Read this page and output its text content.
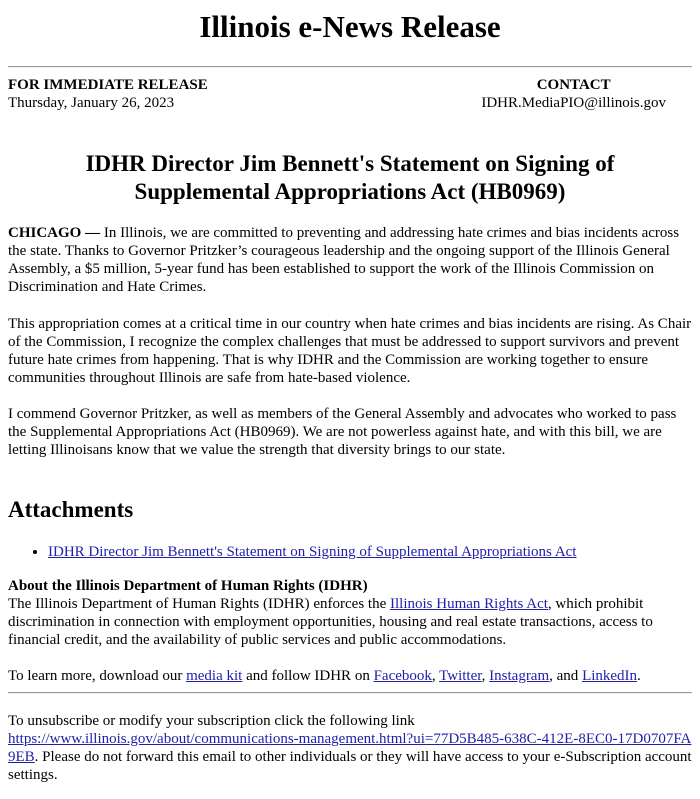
Illinois e-News Release
FOR IMMEDIATE RELEASE
Thursday, January 26, 2023
CONTACT
IDHR.MediaPIO@illinois.gov
IDHR Director Jim Bennett's Statement on Signing of
Supplemental Appropriations Act (HB0969)

CHICAGO — In Illinois, we are committed to preventing and addressing hate crimes and bias incidents across the state. Thanks to Governor Pritzker’s courageous leadership and the ongoing support of the Illinois General Assembly, a $5 million, 5-year fund has been established to support the work of the Illinois Commission on Discrimination and Hate Crimes.

This appropriation comes at a critical time in our country when hate crimes and bias incidents are rising. As Chair of the Commission, I recognize the complex challenges that must be addressed to support survivors and prevent future hate crimes from happening. That is why IDHR and the Commission are working together to ensure communities throughout Illinois are safe from hate-based violence.

I commend Governor Pritzker, as well as members of the General Assembly and advocates who worked to pass the Supplemental Appropriations Act (HB0969). We are not powerless against hate, and with this bill, we are letting Illinoisans know that we value the strength that diversity brings to our state.

Attachments
• IDHR Director Jim Bennett's Statement on Signing of Supplemental Appropriations Act

About the Illinois Department of Human Rights (IDHR)
The Illinois Department of Human Rights (IDHR) enforces the Illinois Human Rights Act, which prohibit discrimination in connection with employment opportunities, housing and real estate transactions, access to financial credit, and the availability of public services and public accommodations.

To learn more, download our media kit and follow IDHR on Facebook, Twitter, Instagram, and LinkedIn.

To unsubscribe or modify your subscription click the following link
https://www.illinois.gov/about/communications-management.html?ui=77D5B485-638C-412E-8EC0-17D0707FA9EB. Please do not forward this email to other individuals or they will have access to your e-Subscription account settings.
